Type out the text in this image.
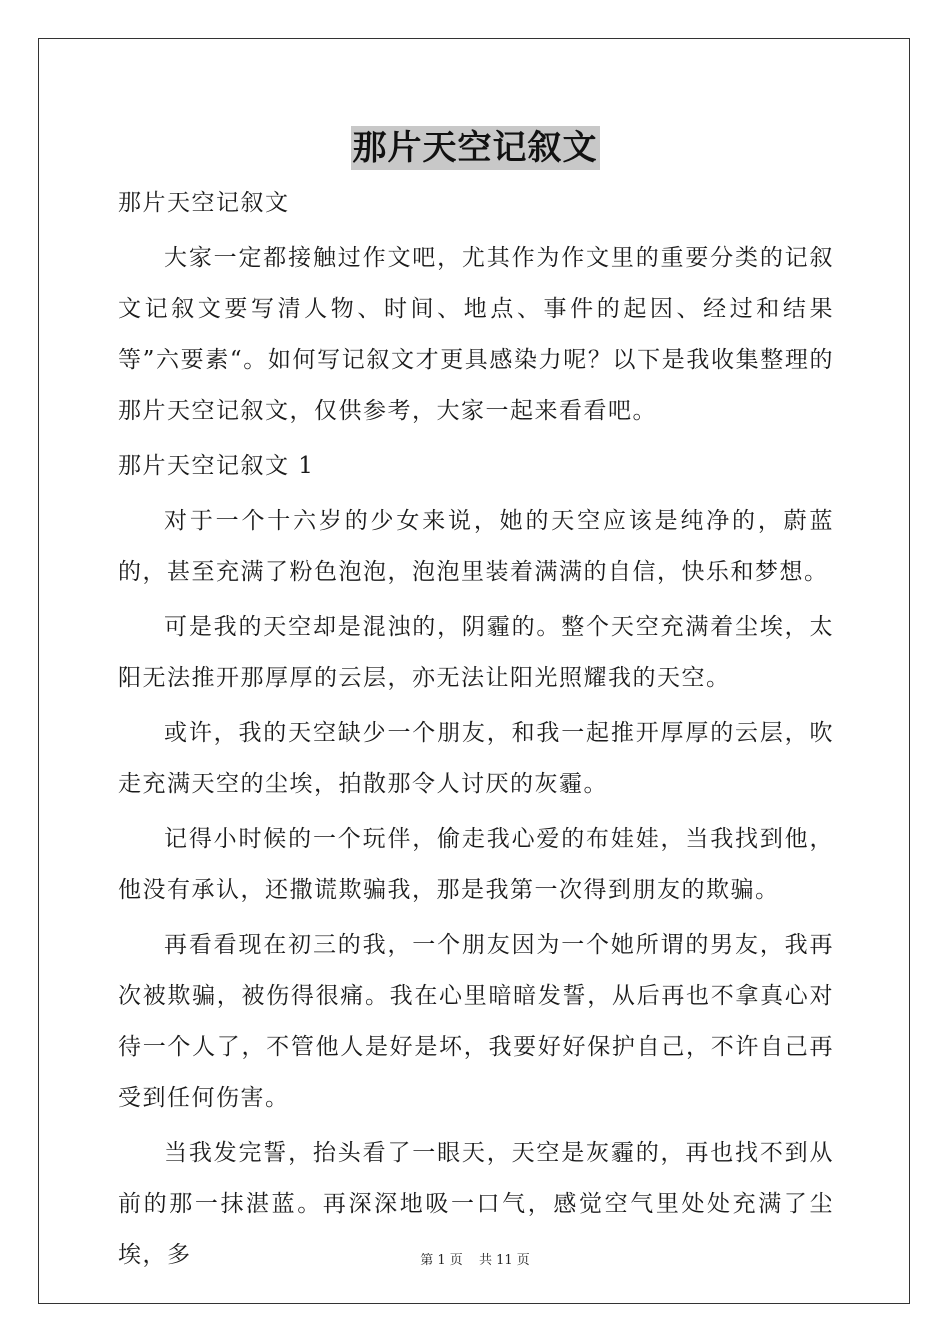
那片天空记叙文

那片天空记叙文

大家一定都接触过作文吧，尤其作为作文里的重要分类的记叙文记叙文要写清人物、时间、地点、事件的起因、经过和结果等”六要素“。如何写记叙文才更具感染力呢？以下是我收集整理的那片天空记叙文，仅供参考，大家一起来看看吧。

那片天空记叙文 1

对于一个十六岁的少女来说，她的天空应该是纯净的，蔚蓝的，甚至充满了粉色泡泡，泡泡里装着满满的自信，快乐和梦想。

可是我的天空却是混浊的，阴霾的。整个天空充满着尘埃，太阳无法推开那厚厚的云层，亦无法让阳光照耀我的天空。

或许，我的天空缺少一个朋友，和我一起推开厚厚的云层，吹走充满天空的尘埃，拍散那令人讨厌的灰霾。

记得小时候的一个玩伴，偷走我心爱的布娃娃，当我找到他，他没有承认，还撒谎欺骗我，那是我第一次得到朋友的欺骗。

再看看现在初三的我，一个朋友因为一个她所谓的男友，我再次被欺骗，被伤得很痛。我在心里暗暗发誓，从后再也不拿真心对待一个人了，不管他人是好是坏，我要好好保护自己，不许自己再受到任何伤害。

当我发完誓，抬头看了一眼天，天空是灰霾的，再也找不到从前的那一抹湛蓝。再深深地吸一口气，感觉空气里处处充满了尘埃，多	第 1 页 共 11 页
